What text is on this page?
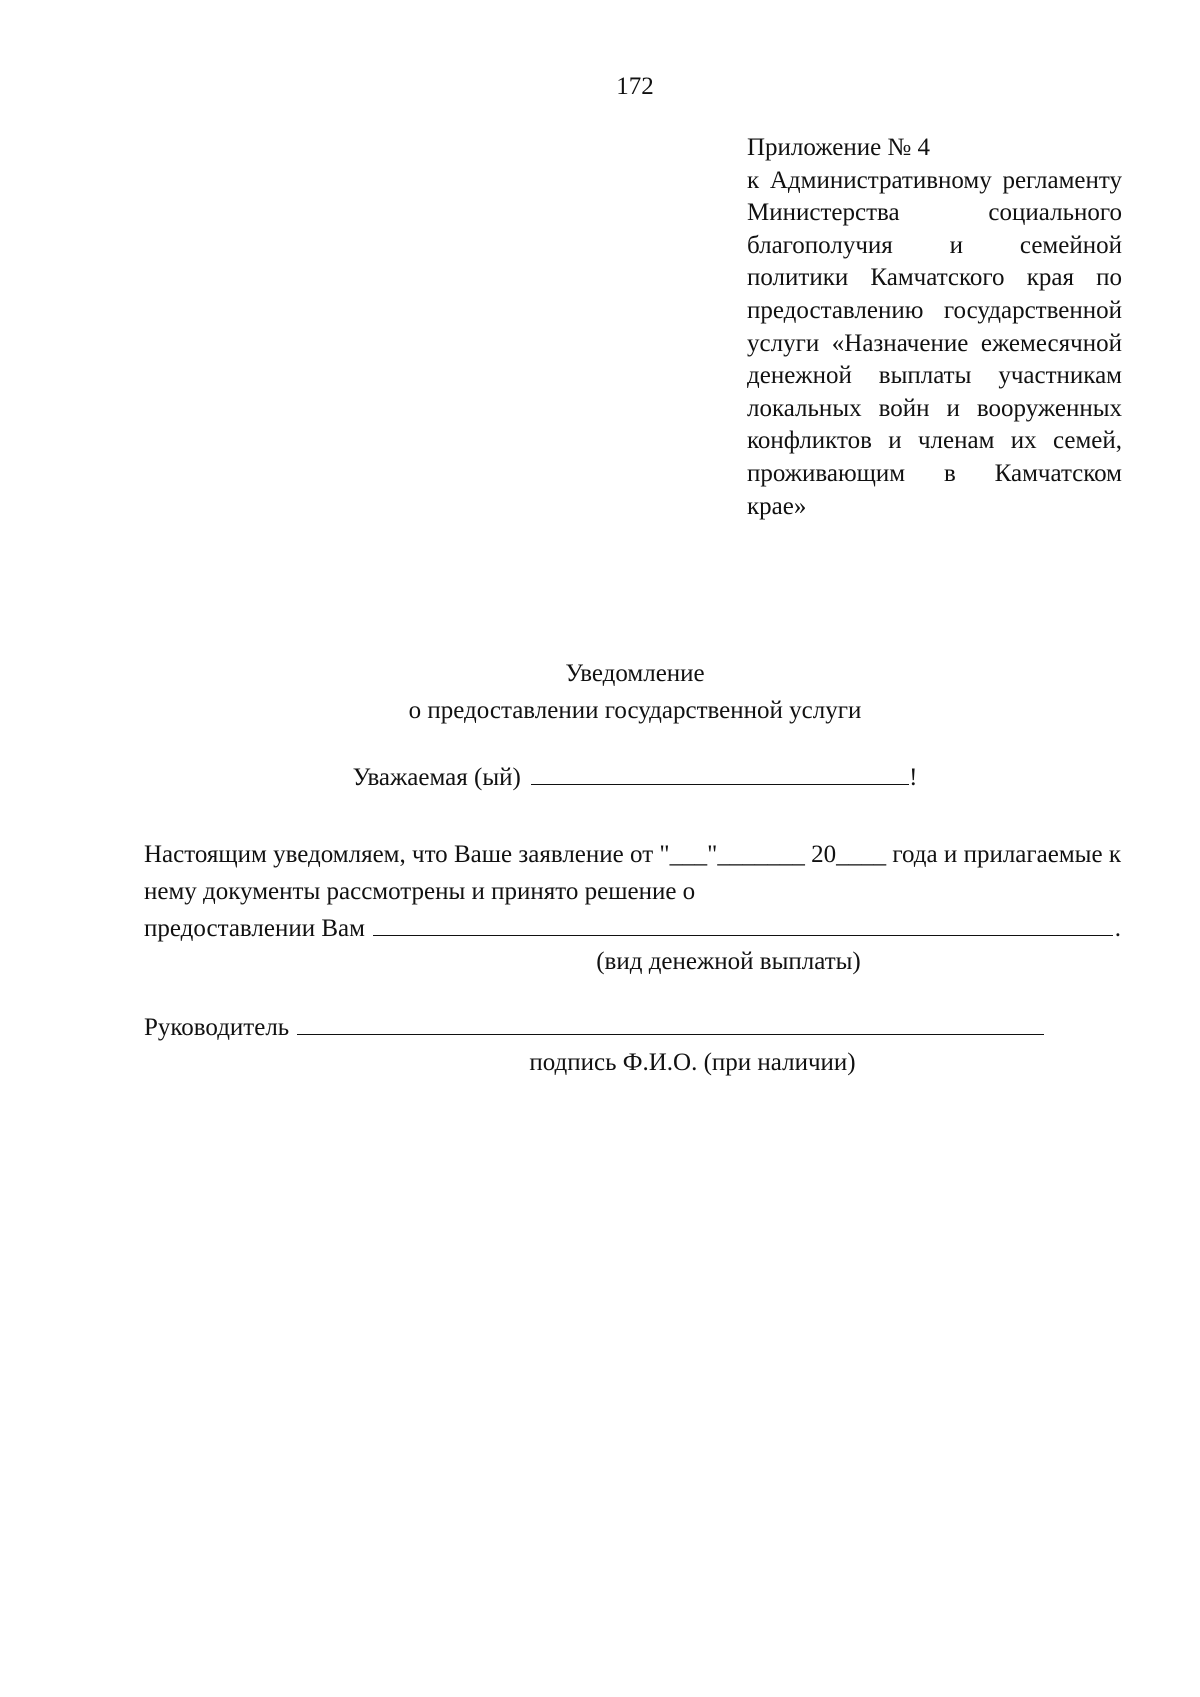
172
Приложение № 4
к Административному регламенту Министерства социального благополучия и семейной политики Камчатского края по предоставлению государственной услуги «Назначение ежемесячной денежной выплаты участникам локальных войн и вооруженных конфликтов и членам их семей, проживающим в Камчатском крае»
Уведомление
о предоставлении государственной услуги
Уважаемая (ый)	!
Настоящим уведомляем, что Ваше заявление от "___"_______ 20____ года и прилагаемые к нему документы рассмотрены и принято решение о
предоставлении Вам	.
(вид денежной выплаты)
Руководитель
подпись Ф.И.О. (при наличии)
